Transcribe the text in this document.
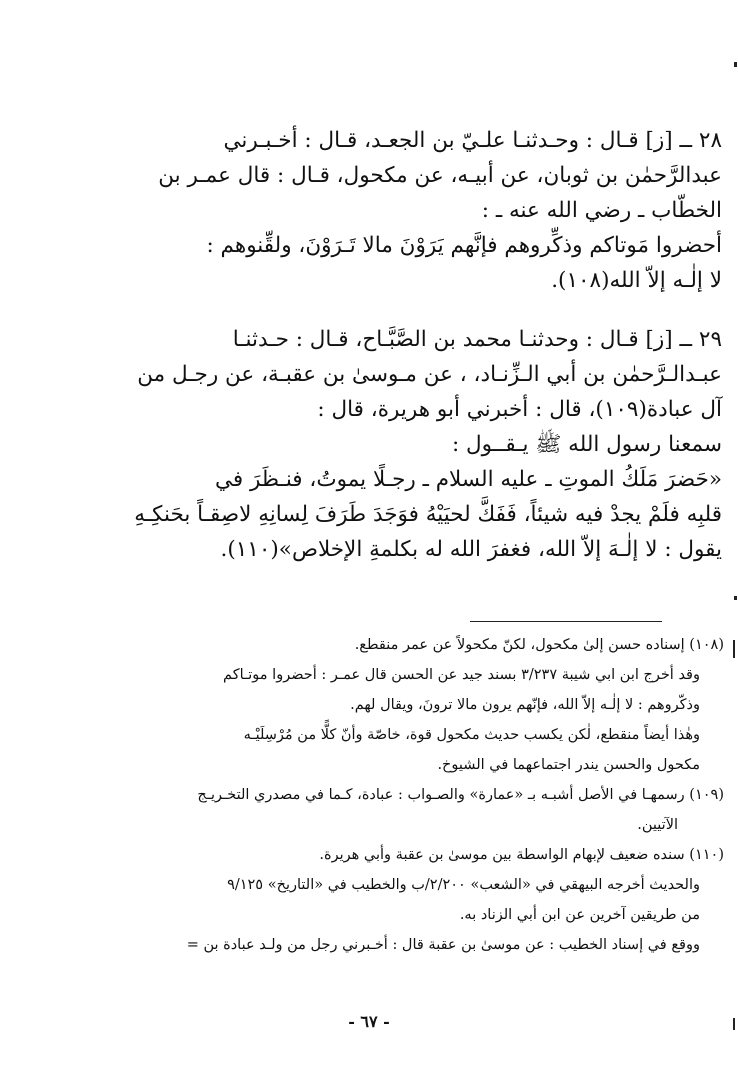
٢٨ ــ [ز] قـال : وحـدثنـا علـيّ بن الجعـد، قـال : أخـبـرني

عبدالرَّحمٰن بن ثوبان، عن أبيـه، عن مكحول، قـال : قال عمـر بن

الخطّاب ـ رضي الله عنه ـ :

أحضروا مَوتاكم وذكِّروهم فإنَّهم يَرَوْنَ مالا تَـرَوْنَ، ولقِّنوهم :

لا إلٰـه إلاّ الله(١٠٨).

٢٩ ــ [ز] قـال : وحدثنـا محمد بن الصَّبَّـاح، قـال : حـدثنـا

عبـدالـرَّحمٰن بن أبي الـزِّنـاد، ، عن مـوسىٰ بن عقبـة، عن رجـل من

آل عبادة(١٠٩)، قال : أخبرني أبو هريرة، قال :

سمعنا رسول الله ﷺ يـقــول :

«حَضرَ مَلَكُ الموتِ ـ عليه السلام ـ رجـلًا يموتُ، فنـظَرَ في

قلبِه فلَمْ يجدْ فيه شيئاً، فَفَكَّ لحيَيْهُ فوَجَدَ طَرَفَ لِسانِهِ لاصِقـاً بحَنكِـهِ

يقول : لا إلٰـهَ إلاّ الله، فغفرَ الله له بكلمةِ الإخلاص»(١١٠).

(١٠٨) إسناده حسن إلىٰ مكحول، لكنّ مكحولاً عن عمر منقطع.

وقد أخرج ابن ابي شيبة ٣/٢٣٧ بسند جيد عن الحسن قال عمـر : أحضروا موتـاكم

وذكّروهم : لا إلٰـه إلاّ الله، فإنّهم يرون مالا ترونَ، ويقال لهم.

وهٰذا أيضاً منقطع، لٰكن يكسب حديث مكحول قوة، خاصّة وأنّ كلًّا من مُرْسِلَيْـه

مكحول والحسن يندر اجتماعهما في الشيوخ.

(١٠٩) رسمهـا في الأصل أشبـه بـ «عمارة» والصـواب : عبادة، كـما في مصدري التخـريـج

الآتيين.

(١١٠) سنده ضعيف لإبهام الواسطة بين موسىٰ بن عقبة وأبي هريرة.

والحديث أخرجه البيهقي في «الشعب» ٢/٢٠٠/ب والخطيب في «التاريخ» ٩/١٢٥

من طريقين آخرين عن ابن أبي الزناد به.

ووقع في إسناد الخطيب : عن موسىٰ بن عقبة قال : أخـبرني رجل من ولـد عبادة بن =

- ٦٧ -
